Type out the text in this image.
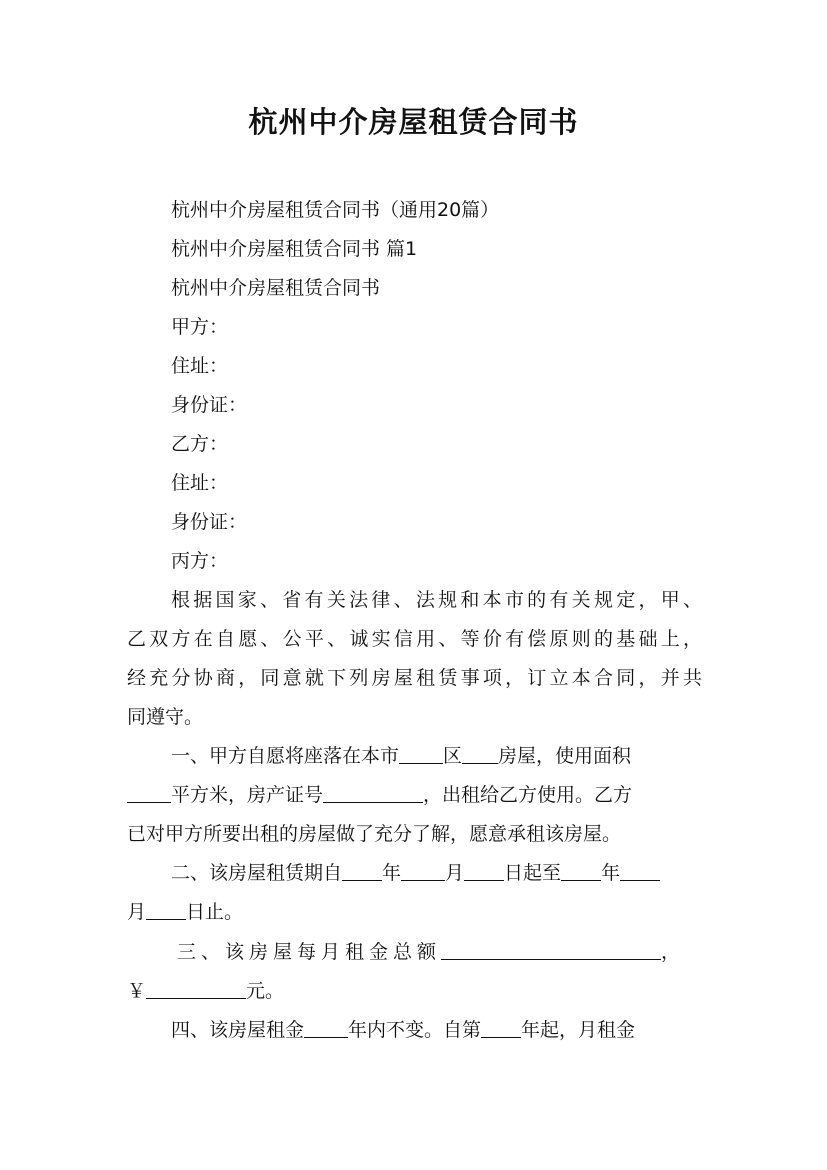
杭州中介房屋租赁合同书
杭州中介房屋租赁合同书（通用20篇）
杭州中介房屋租赁合同书 篇1
杭州中介房屋租赁合同书
甲方：
住址：
身份证：
乙方：
住址：
身份证：
丙方：
根据国家、省有关法律、法规和本市的有关规定，甲、
乙双方在自愿、公平、诚实信用、等价有偿原则的基础上，
经充分协商，同意就下列房屋租赁事项，订立本合同，并共
同遵守。
一、甲方自愿将座落在本市 区 房屋，使用面积
平方米，房产证号	，出租给乙方使用。乙方
已对甲方所要出租的房屋做了充分了解，愿意承租该房屋。
二、该房屋租赁期自 年 月 日起至 年
月 日止。
三、该房屋每月租金总额	，
￥	元。
四、该房屋租金 年内不变。自第 年起，月租金
